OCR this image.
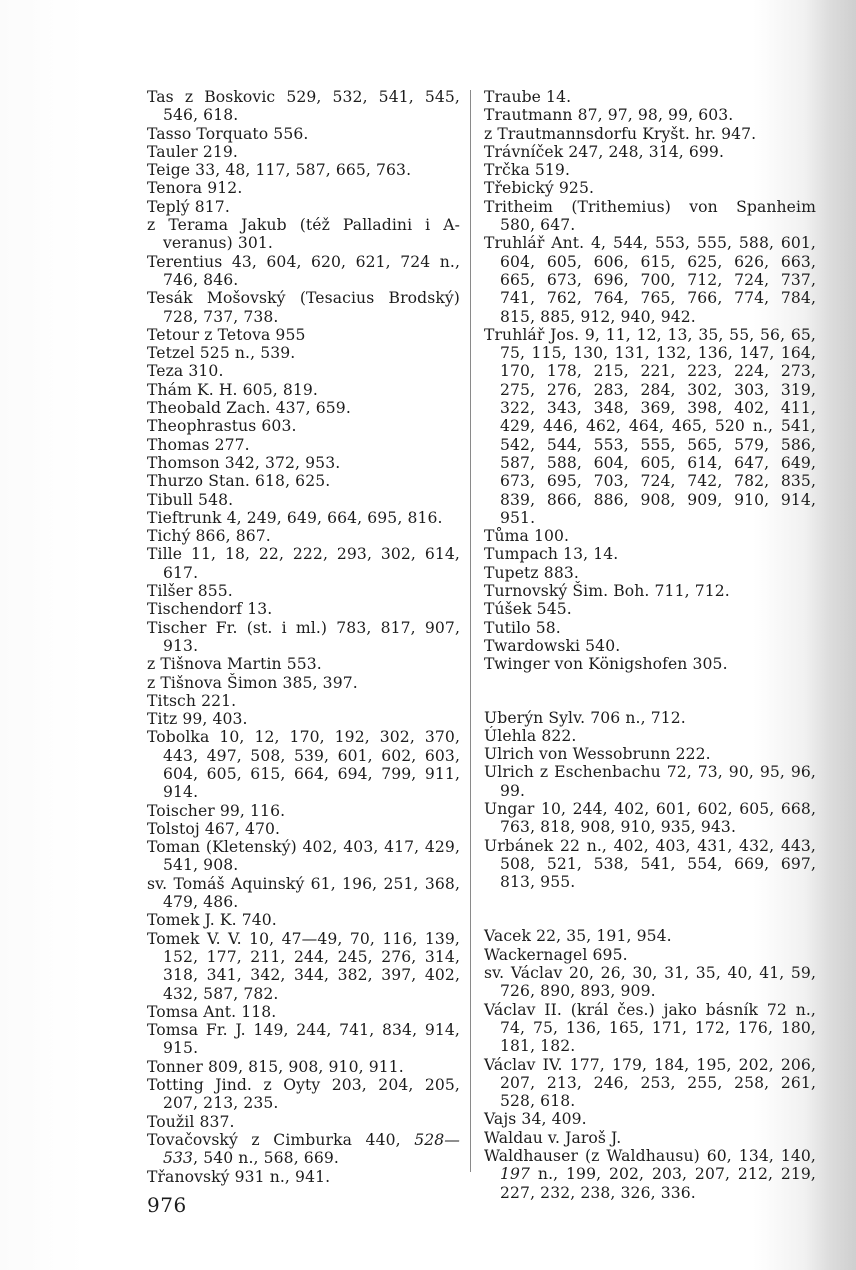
Tas z Boskovic 529, 532, 541, 545, 546, 618.

Tasso Torquato 556.

Tauler 219.

Teige 33, 48, 117, 587, 665, 763.

Tenora 912.

Teplý 817.

z Terama Jakub (též Palladini i A-veranus) 301.

Terentius 43, 604, 620, 621, 724 n., 746, 846.

Tesák Mošovský (Tesacius Brodský) 728, 737, 738.

Tetour z Tetova 955

Tetzel 525 n., 539.

Teza 310.

Thám K. H. 605, 819.

Theobald Zach. 437, 659.

Theophrastus 603.

Thomas 277.

Thomson 342, 372, 953.

Thurzo Stan. 618, 625.

Tibull 548.

Tieftrunk 4, 249, 649, 664, 695, 816.

Tichý 866, 867.

Tille 11, 18, 22, 222, 293, 302, 614, 617.

Tilšer 855.

Tischendorf 13.

Tischer Fr. (st. i ml.) 783, 817, 907, 913.

z Tišnova Martin 553.

z Tišnova Šimon 385, 397.

Titsch 221.

Titz 99, 403.

Tobolka 10, 12, 170, 192, 302, 370, 443, 497, 508, 539, 601, 602, 603, 604, 605, 615, 664, 694, 799, 911, 914.

Toischer 99, 116.

Tolstoj 467, 470.

Toman (Kletenský) 402, 403, 417, 429, 541, 908.

sv. Tomáš Aquinský 61, 196, 251, 368, 479, 486.

Tomek J. K. 740.

Tomek V. V. 10, 47—49, 70, 116, 139, 152, 177, 211, 244, 245, 276, 314, 318, 341, 342, 344, 382, 397, 402, 432, 587, 782.

Tomsa Ant. 118.

Tomsa Fr. J. 149, 244, 741, 834, 914, 915.

Tonner 809, 815, 908, 910, 911.

Totting Jind. z Oyty 203, 204, 205, 207, 213, 235.

Toužil 837.

Tovačovský z Cimburka 440, 528—533, 540 n., 568, 669.

Třanovský 931 n., 941.

Traube 14.

Trautmann 87, 97, 98, 99, 603.

z Trautmannsdorfu Kryšt. hr. 947.

Trávníček 247, 248, 314, 699.

Trčka 519.

Třebický 925.

Tritheim (Trithemius) von Spanheim 580, 647.

Truhlář Ant. 4, 544, 553, 555, 588, 601, 604, 605, 606, 615, 625, 626, 663, 665, 673, 696, 700, 712, 724, 737, 741, 762, 764, 765, 766, 774, 784, 815, 885, 912, 940, 942.

Truhlář Jos. 9, 11, 12, 13, 35, 55, 56, 65, 75, 115, 130, 131, 132, 136, 147, 164, 170, 178, 215, 221, 223, 224, 273, 275, 276, 283, 284, 302, 303, 319, 322, 343, 348, 369, 398, 402, 411, 429, 446, 462, 464, 465, 520 n., 541, 542, 544, 553, 555, 565, 579, 586, 587, 588, 604, 605, 614, 647, 649, 673, 695, 703, 724, 742, 782, 835, 839, 866, 886, 908, 909, 910, 914, 951.

Tůma 100.

Tumpach 13, 14.

Tupetz 883.

Turnovský Šim. Boh. 711, 712.

Túšek 545.

Tutilo 58.

Twardowski 540.

Twinger von Königshofen 305.

Uberýn Sylv. 706 n., 712.

Úlehla 822.

Ulrich von Wessobrunn 222.

Ulrich z Eschenbachu 72, 73, 90, 95, 96, 99.

Ungar 10, 244, 402, 601, 602, 605, 668, 763, 818, 908, 910, 935, 943.

Urbánek 22 n., 402, 403, 431, 432, 443, 508, 521, 538, 541, 554, 669, 697, 813, 955.

Vacek 22, 35, 191, 954.

Wackernagel 695.

sv. Václav 20, 26, 30, 31, 35, 40, 41, 59, 726, 890, 893, 909.

Václav II. (král čes.) jako básník 72 n., 74, 75, 136, 165, 171, 172, 176, 180, 181, 182.

Václav IV. 177, 179, 184, 195, 202, 206, 207, 213, 246, 253, 255, 258, 261, 528, 618.

Vajs 34, 409.

Waldau v. Jaroš J.

Waldhauser (z Waldhausu) 60, 134, 140, 197 n., 199, 202, 203, 207, 212, 219, 227, 232, 238, 326, 336.

976
